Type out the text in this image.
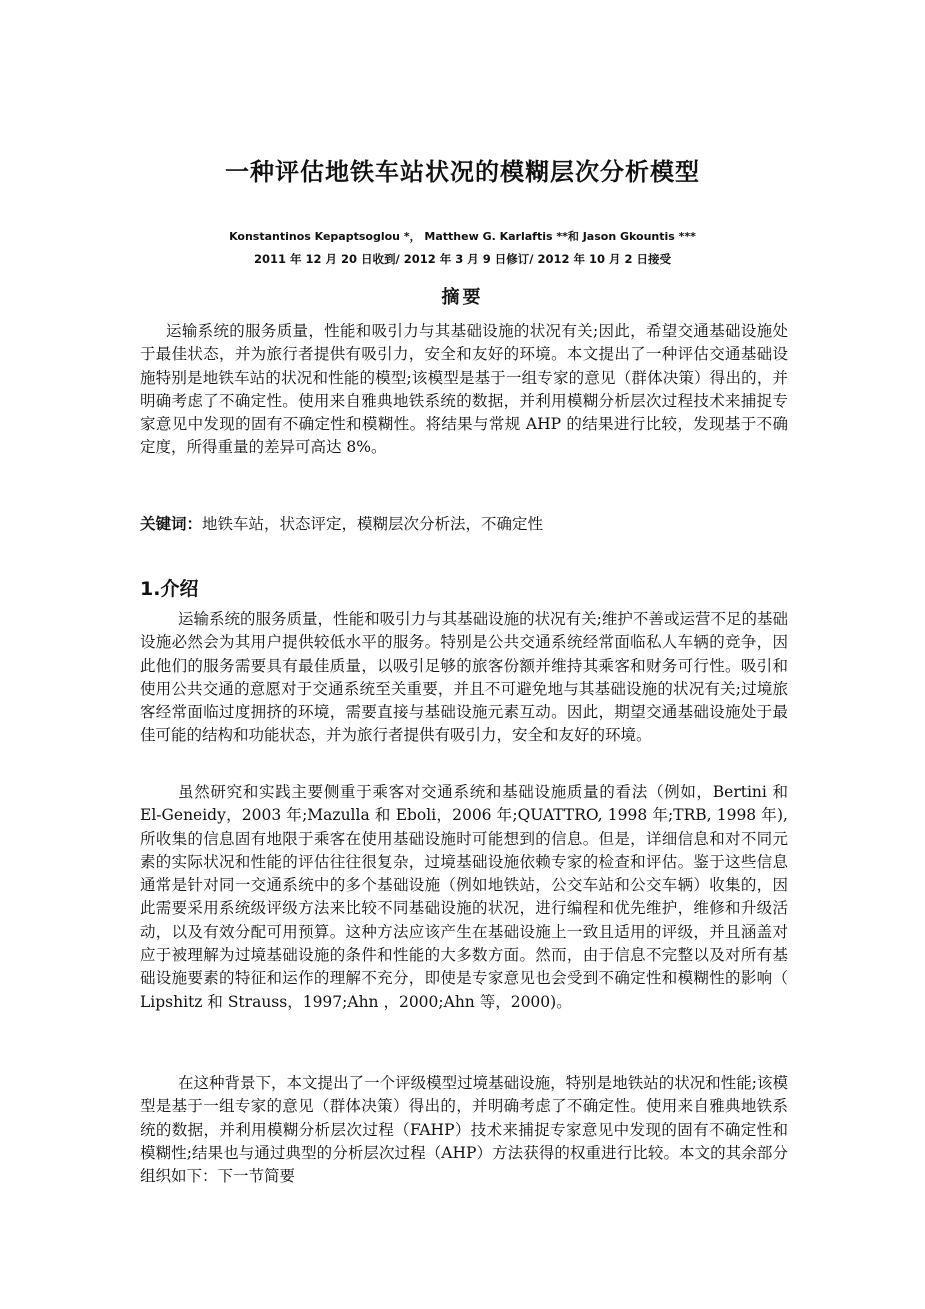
一种评估地铁车站状况的模糊层次分析模型
Konstantinos Kepaptsoglou *， Matthew G. Karlaftis **和 Jason Gkountis ***
2011 年 12 月 20 日收到/ 2012 年 3 月 9 日修订/ 2012 年 10 月 2 日接受
摘要

运输系统的服务质量，性能和吸引力与其基础设施的状况有关;因此，希望交通基础设施处于最佳状态，并为旅行者提供有吸引力，安全和友好的环境。本文提出了一种评估交通基础设施特别是地铁车站的状况和性能的模型;该模型是基于一组专家的意见（群体决策）得出的，并明确考虑了不确定性。使用来自雅典地铁系统的数据，并利用模糊分析层次过程技术来捕捉专家意见中发现的固有不确定性和模糊性。将结果与常规 AHP 的结果进行比较，发现基于不确定度，所得重量的差异可高达 8%。

关键词：地铁车站，状态评定，模糊层次分析法，不确定性

1.介绍

运输系统的服务质量，性能和吸引力与其基础设施的状况有关;维护不善或运营不足的基础设施必然会为其用户提供较低水平的服务。特别是公共交通系统经常面临私人车辆的竞争，因此他们的服务需要具有最佳质量，以吸引足够的旅客份额并维持其乘客和财务可行性。吸引和使用公共交通的意愿对于交通系统至关重要，并且不可避免地与其基础设施的状况有关;过境旅客经常面临过度拥挤的环境，需要直接与基础设施元素互动。因此，期望交通基础设施处于最佳可能的结构和功能状态，并为旅行者提供有吸引力，安全和友好的环境。

虽然研究和实践主要侧重于乘客对交通系统和基础设施质量的看法（例如，Bertini 和 El-Geneidy，2003 年;Mazulla 和 Eboli，2006 年;QUATTRO, 1998 年;TRB, 1998 年),所收集的信息固有地限于乘客在使用基础设施时可能想到的信息。但是，详细信息和对不同元素的实际状况和性能的评估往往很复杂，过境基础设施依赖专家的检查和评估。鉴于这些信息通常是针对同一交通系统中的多个基础设施（例如地铁站，公交车站和公交车辆）收集的，因此需要采用系统级评级方法来比较不同基础设施的状况，进行编程和优先维护，维修和升级活动，以及有效分配可用预算。这种方法应该产生在基础设施上一致且适用的评级，并且涵盖对应于被理解为过境基础设施的条件和性能的大多数方面。然而，由于信息不完整以及对所有基础设施要素的特征和运作的理解不充分，即使是专家意见也会受到不确定性和模糊性的影响（ Lipshitz 和 Strauss，1997;Ahn ，2000;Ahn 等，2000)。

在这种背景下，本文提出了一个评级模型过境基础设施，特别是地铁站的状况和性能;该模型是基于一组专家的意见（群体决策）得出的，并明确考虑了不确定性。使用来自雅典地铁系统的数据，并利用模糊分析层次过程（FAHP）技术来捕捉专家意见中发现的固有不确定性和模糊性;结果也与通过典型的分析层次过程（AHP）方法获得的权重进行比较。本文的其余部分组织如下：下一节简要
